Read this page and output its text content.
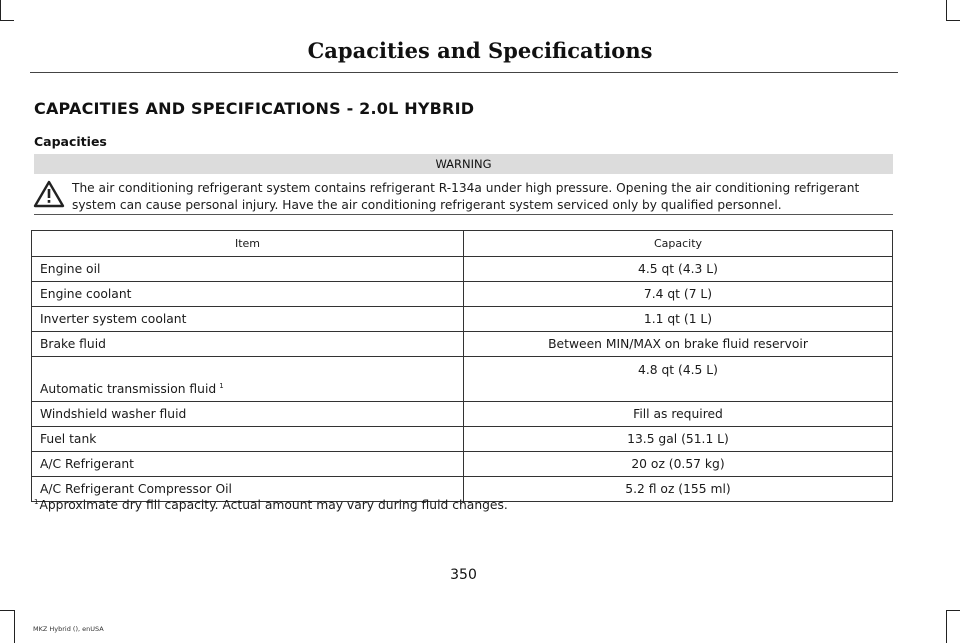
Capacities and Specifications
CAPACITIES AND SPECIFICATIONS - 2.0L HYBRID
Capacities
WARNING
The air conditioning refrigerant system contains refrigerant R-134a under high pressure. Opening the air conditioning refrigerant system can cause personal injury. Have the air conditioning refrigerant system serviced only by qualified personnel.
Item	Capacity
Engine oil	4.5 qt (4.3 L)
Engine coolant	7.4 qt (7 L)
Inverter system coolant	1.1 qt (1 L)
Brake fluid	Between MIN/MAX on brake fluid reservoir
Automatic transmission fluid $^1$	4.8 qt (4.5 L)
Windshield washer fluid	Fill as required
Fuel tank	13.5 gal (51.1 L)
A/C Refrigerant	20 oz (0.57 kg)
A/C Refrigerant Compressor Oil	5.2 fl oz (155 ml)
$^1$Approximate dry fill capacity. Actual amount may vary during fluid changes.
350
MKZ Hybrid (), enUSA
